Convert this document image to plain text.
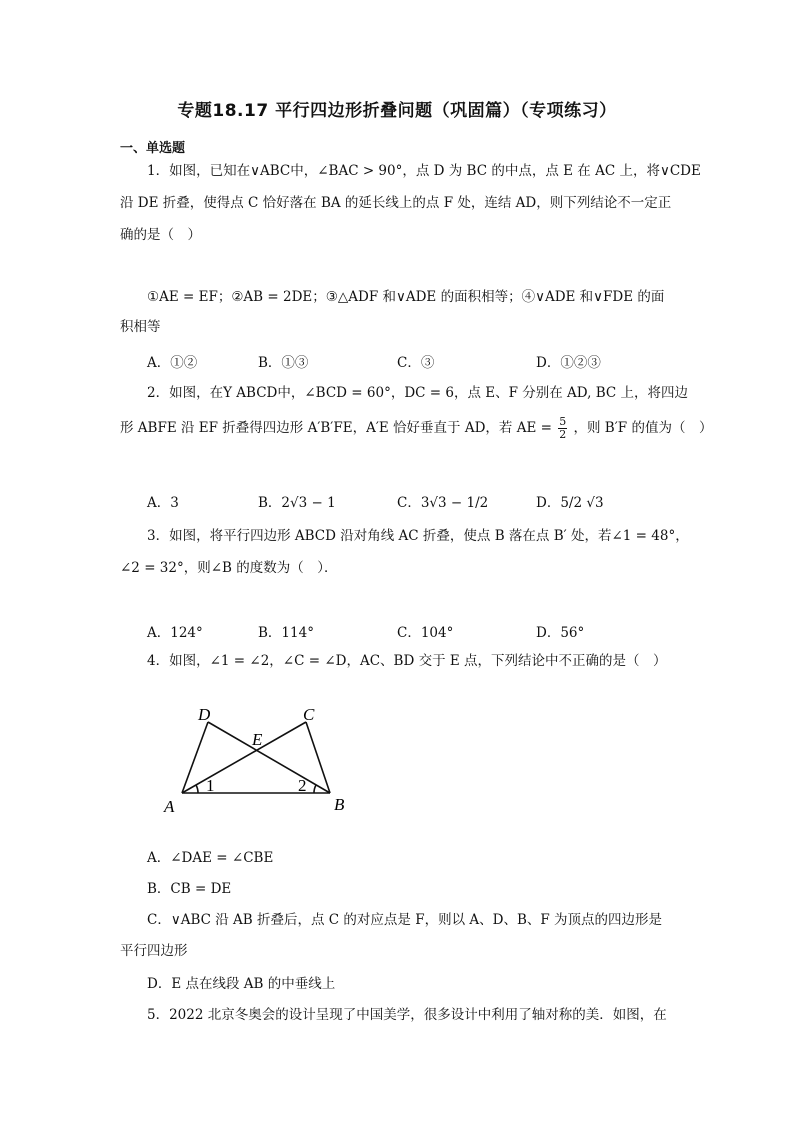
专题18.17 平行四边形折叠问题（巩固篇）（专项练习）
一、单选题
1．如图，已知在∨ABC中，∠BAC > 90°，点 D 为 BC 的中点，点 E 在 AC 上，将∨CDE
沿 DE 折叠，使得点 C 恰好落在 BA 的延长线上的点 F 处，连结 AD，则下列结论不一定正
确的是（　）
①AE = EF；②AB = 2DE；③△ADF 和∨ADE 的面积相等；④∨ADE 和∨FDE 的面
积相等
A．①②	B．①③	C．③	D．①②③
2．如图，在Y ABCD中，∠BCD = 60°，DC = 6，点 E、F 分别在 AD, BC 上，将四边
形 ABFE 沿 EF 折叠得四边形 A′B′FE，A′E 恰好垂直于 AD，若 AE = $\frac{5}{2}$ ，则 B′F 的值为（　）
A．3	B．2√3 − 1	C．3√3 − 1/2	D．5/2 √3
3．如图，将平行四边形 ABCD 沿对角线 AC 折叠，使点 B 落在点 B′ 处，若∠1 = 48°，
∠2 = 32°，则∠B 的度数为（　）．
A．124°	B．114°	C．104°	D．56°
4．如图，∠1 = ∠2，∠C = ∠D，AC、BD 交于 E 点，下列结论中不正确的是（　）
D	C
E
A	B
1	2
A．∠DAE = ∠CBE
B．CB = DE
C．∨ABC 沿 AB 折叠后，点 C 的对应点是 F，则以 A、D、B、F 为顶点的四边形是
平行四边形
D．E 点在线段 AB 的中垂线上
5．2022 北京冬奥会的设计呈现了中国美学，很多设计中利用了轴对称的美．如图，在
